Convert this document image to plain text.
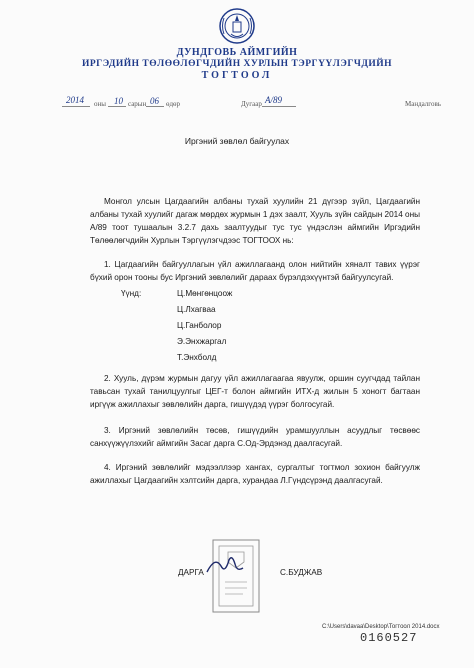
ДУНДГОВЬ АЙМГИЙН
ИРГЭДИЙН ТӨЛӨӨЛӨГЧДИЙН ХУРЛЫН ТЭРГҮҮЛЭГЧДИЙН
ТОГТООЛ
2014 оны 10 сарын 06 өдөр	Дугаар A/89	Мандалговь
Иргэний зөвлөл байгуулах
Монгол улсын Цагдаагийн албаны тухай хуулийн 21 дүгээр зүйл, Цагдаагийн албаны тухай хуулийг дагаж мөрдөх журмын 1 дэх заалт, Хууль зүйн сайдын 2014 оны А/89 тоот тушаалын 3.2.7 дахь заалтуудыг тус тус үндэслэн аймгийн Иргэдийн Төлөөлөгчдийн Хурлын Тэргүүлэгчдээс ТОГТООХ нь:
1. Цагдаагийн байгууллагын үйл ажиллагаанд олон нийтийн хяналт тавих үүрэг бүхий орон тооны бус Иргэний зөвлөлийг дараах бүрэлдэхүүнтэй байгуулсугай.
Үүнд:	Ц.Мөнгөнцоож
Ц.Лхагваа
Ц.Ганболор
Э.Энхжаргал
Т.Энхболд
2. Хууль, дүрэм журмын дагуу үйл ажиллагаагаа явуулж, оршин суугчдад тайлан тавьсан тухай танилцуулгыг ЦЕГ-т болон аймгийн ИТХ-д жилын 5 хоногт багтаан иргүүж ажиллахыг зөвлөлийн дарга, гишүүдэд үүрэг болгосугай.
3. Иргэний зөвлөлийн төсөв, гишүүдийн урамшууллын асуудлыг төсвөөс санхүүжүүлэхийг аймгийн Засаг дарга С.Од-Эрдэнэд даалгасугай.
4. Иргэний зөвлөлийг мэдээллээр хангах, сургалтыг тогтмол зохион байгуулж ажиллахыг Цагдаагийн хэлтсийн дарга, хурандаа Л.Гүндсүрэнд даалгасугай.
ДАРГА	С.БУДЖАВ
C:\Users\davaa\Desktop\Тогтоол 2014.docx
0160527
